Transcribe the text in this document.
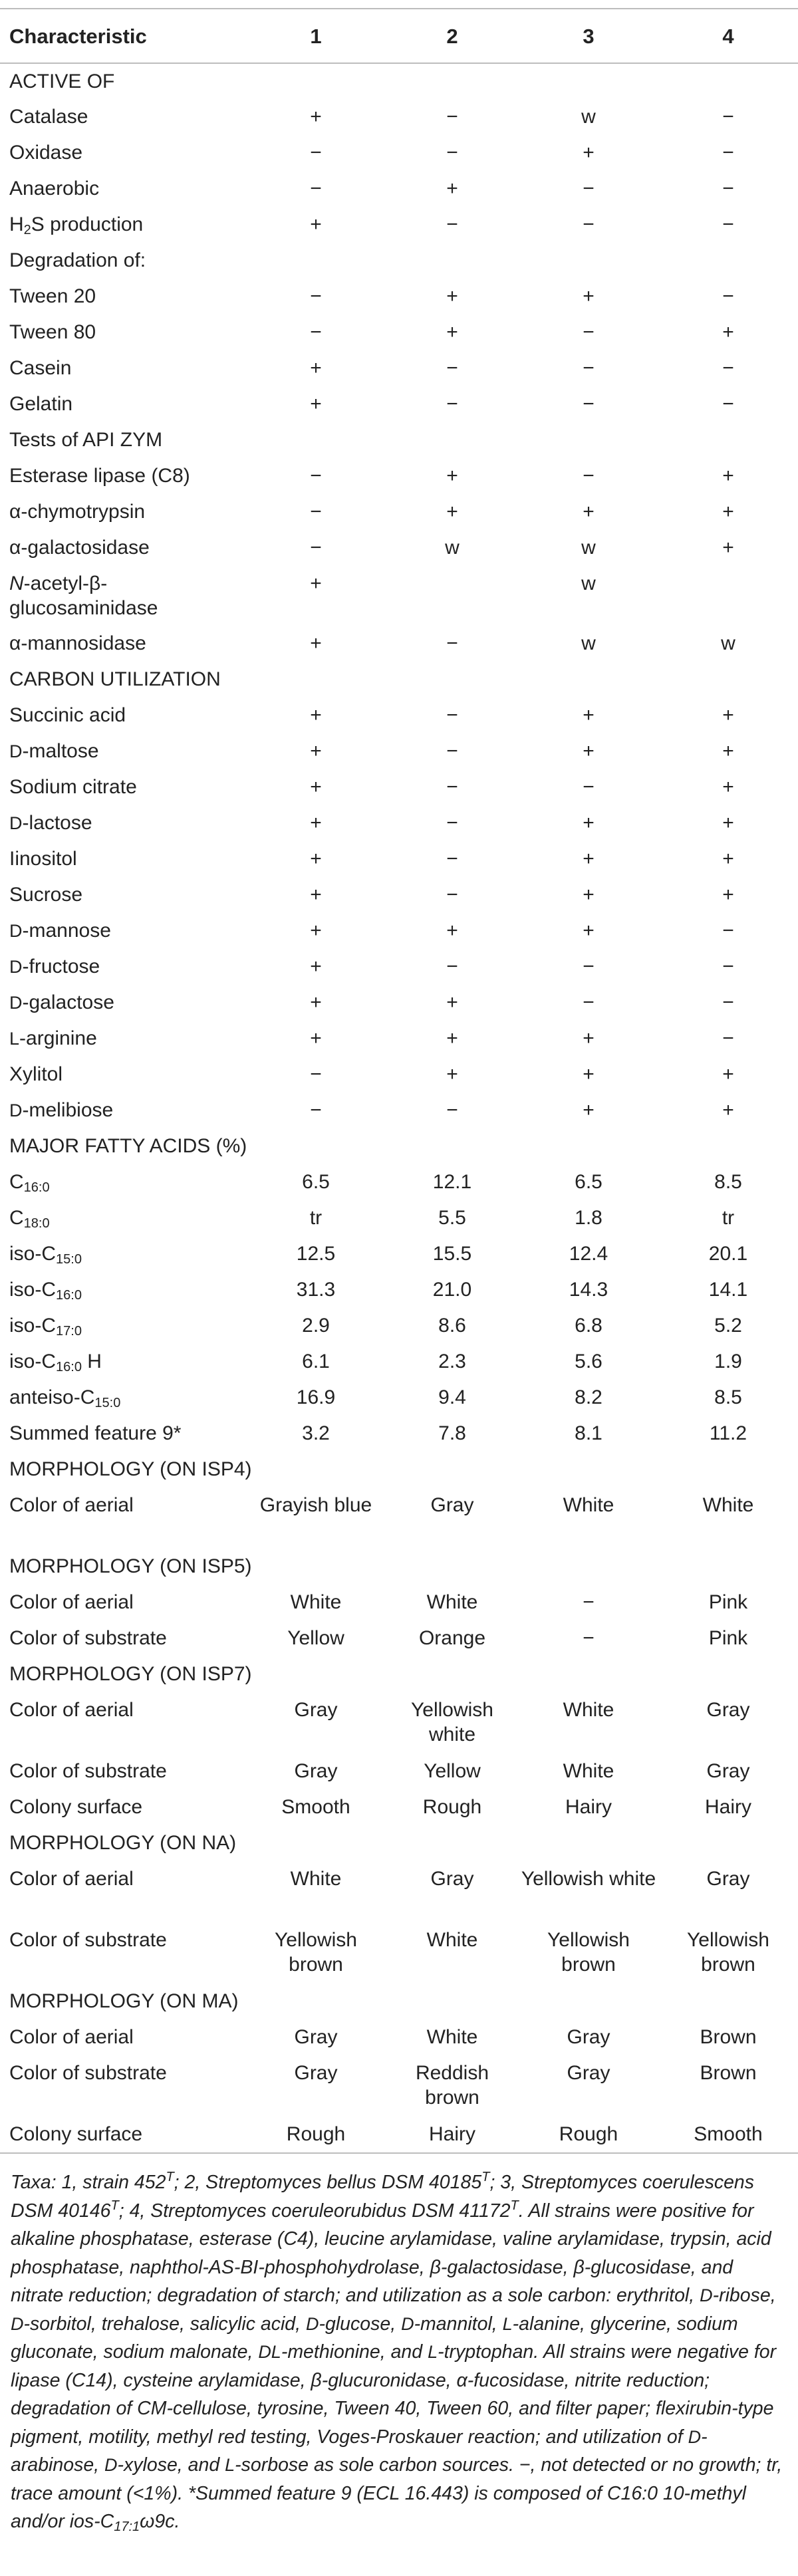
Characteristic	1	2	3	4
ACTIVE OF				
Catalase	+	−	w	−
Oxidase	−	−	+	−
Anaerobic	−	+	−	−
$H_2S$ production	+	−	−	−
Degradation of:				
Tween 20	−	+	+	−
Tween 80	−	+	−	+
Casein	+	−	−	−
Gelatin	+	−	−	−
Tests of API ZYM				
Esterase lipase (C8)	−	+	−	+
α-chymotrypsin	−	+	+	+
α-galactosidase	−	w	w	+
N-acetyl-β-glucosaminidase	+		w	
α-mannosidase	+	−	w	w
CARBON UTILIZATION				
Succinic acid	+	−	+	+
D-maltose	+	−	+	+
Sodium citrate	+	−	−	+
D-lactose	+	−	+	+
Iinositol	+	−	+	+
Sucrose	+	−	+	+
D-mannose	+	+	+	−
D-fructose	+	−	−	−
D-galactose	+	+	−	−
L-arginine	+	+	+	−
Xylitol	−	+	+	+
D-melibiose	−	−	+	+
MAJOR FATTY ACIDS (%)				
$C_{16:0}$	6.5	12.1	6.5	8.5
$C_{18:0}$	tr	5.5	1.8	tr
iso-$C_{15:0}$	12.5	15.5	12.4	20.1
iso-$C_{16:0}$	31.3	21.0	14.3	14.1
iso-$C_{17:0}$	2.9	8.6	6.8	5.2
iso-$C_{16:0}$ H	6.1	2.3	5.6	1.9
anteiso-$C_{15:0}$	16.9	9.4	8.2	8.5
Summed feature 9*	3.2	7.8	8.1	11.2
MORPHOLOGY (ON ISP4)				
Color of aerial	Grayish blue	Gray	White	White
MORPHOLOGY (ON ISP5)				
Color of aerial	White	White	−	Pink
Color of substrate	Yellow	Orange	−	Pink
MORPHOLOGY (ON ISP7)				
Color of aerial	Gray	Yellowish white	White	Gray
Color of substrate	Gray	Yellow	White	Gray
Colony surface	Smooth	Rough	Hairy	Hairy
MORPHOLOGY (ON NA)				
Color of aerial	White	Gray	Yellowish white	Gray
Color of substrate	Yellowish brown	White	Yellowish brown	Yellowish brown
MORPHOLOGY (ON MA)				
Color of aerial	Gray	White	Gray	Brown
Color of substrate	Gray	Reddish brown	Gray	Brown
Colony surface	Rough	Hairy	Rough	Smooth
Taxa: 1, strain $452^T$; 2, Streptomyces bellus DSM $40185^T$; 3, Streptomyces coerulescens DSM $40146^T$; 4, Streptomyces coeruleorubidus DSM $41172^T$. All strains were positive for alkaline phosphatase, esterase (C4), leucine arylamidase, valine arylamidase, trypsin, acid phosphatase, naphthol-AS-BI-phosphohydrolase, β-galactosidase, β-glucosidase, and nitrate reduction; degradation of starch; and utilization as a sole carbon: erythritol, D-ribose, D-sorbitol, trehalose, salicylic acid, D-glucose, D-mannitol, L-alanine, glycerine, sodium gluconate, sodium malonate, DL-methionine, and L-tryptophan. All strains were negative for lipase (C14), cysteine arylamidase, β-glucuronidase, α-fucosidase, nitrite reduction; degradation of CM-cellulose, tyrosine, Tween 40, Tween 60, and filter paper; flexirubin-type pigment, motility, methyl red testing, Voges-Proskauer reaction; and utilization of D-arabinose, D-xylose, and L-sorbose as sole carbon sources. −, not detected or no growth; tr, trace amount (<1%). *Summed feature 9 (ECL 16.443) is composed of C16:0 10-methyl and/or ios-$C_{17:1}\omega 9c$.
